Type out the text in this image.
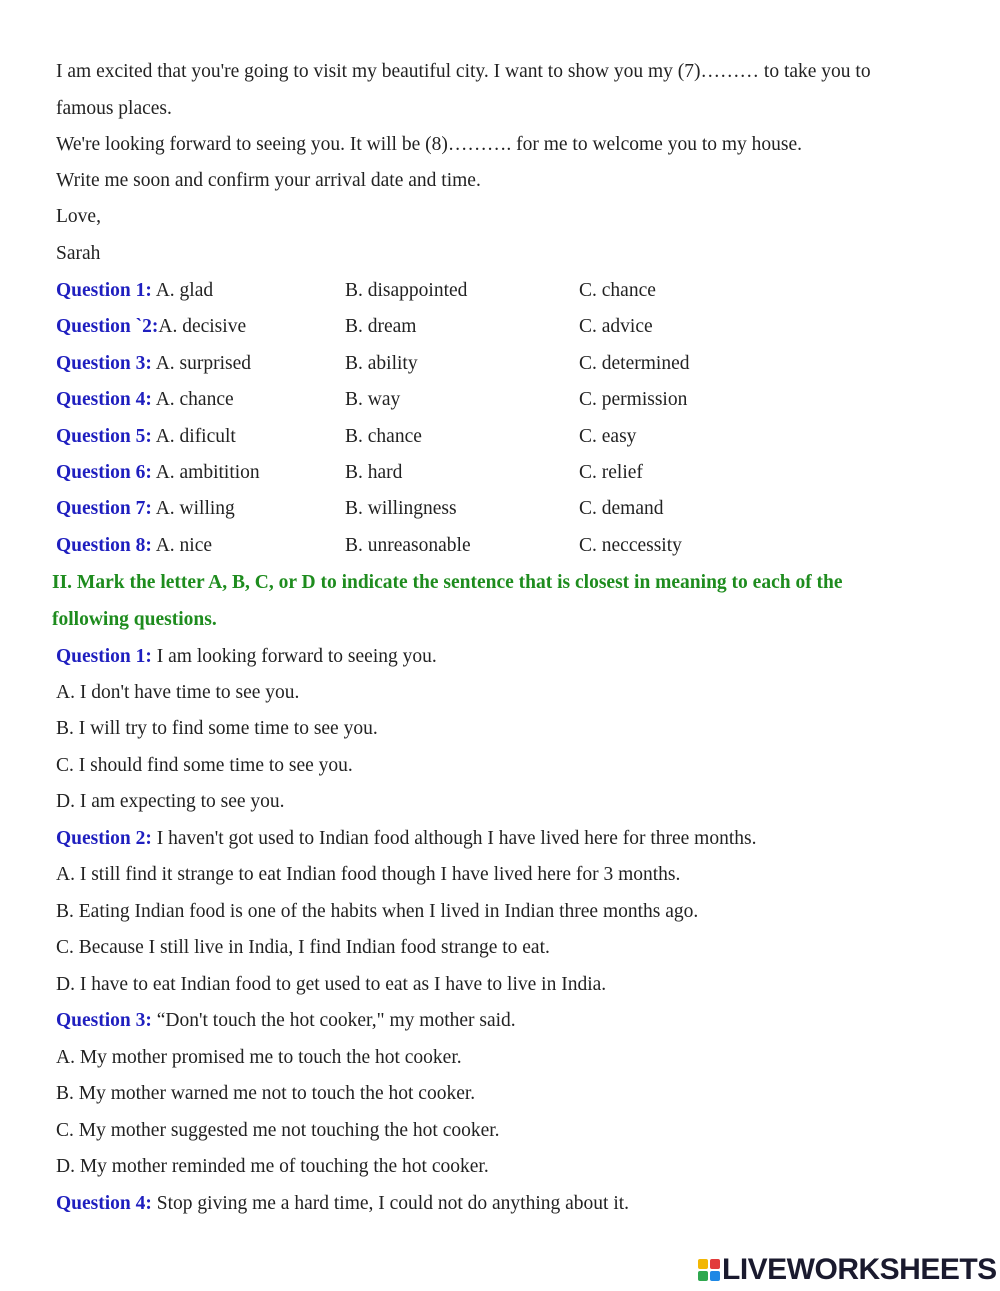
I am excited that you're going to visit my beautiful city. I want to show you my (7)……… to take you to
famous places.
We're looking forward to seeing you. It will be (8)………. for me to welcome you to my house.
Write me soon and confirm your arrival date and time.
Love,
Sarah
Question 1: A. glad	B. disappointed	C. chance
Question `2:A. decisive	B. dream	C. advice
Question 3: A. surprised	B. ability	C. determined
Question 4: A. chance	B. way	C. permission
Question 5: A. dificult	B. chance	C. easy
Question 6: A. ambitition	B. hard	C. relief
Question 7: A. willing	B. willingness	C. demand
Question 8: A. nice	B. unreasonable	C. neccessity
II. Mark the letter A, B, C, or D to indicate the sentence that is closest in meaning to each of the
following questions.
Question 1: I am looking forward to seeing you.
A. I don't have time to see you.
B. I will try to find some time to see you.
C. I should find some time to see you.
D. I am expecting to see you.
Question 2: I haven't got used to Indian food although I have lived here for three months.
A. I still find it strange to eat Indian food though I have lived here for 3 months.
B. Eating Indian food is one of the habits when I lived in Indian three months ago.
C. Because I still live in India, I find Indian food strange to eat.
D. I have to eat Indian food to get used to eat as I have to live in India.
Question 3: “Don't touch the hot cooker," my mother said.
A. My mother promised me to touch the hot cooker.
B. My mother warned me not to touch the hot cooker.
C. My mother suggested me not touching the hot cooker.
D. My mother reminded me of touching the hot cooker.
Question 4: Stop giving me a hard time, I could not do anything about it.
LIVEWORKSHEETS
